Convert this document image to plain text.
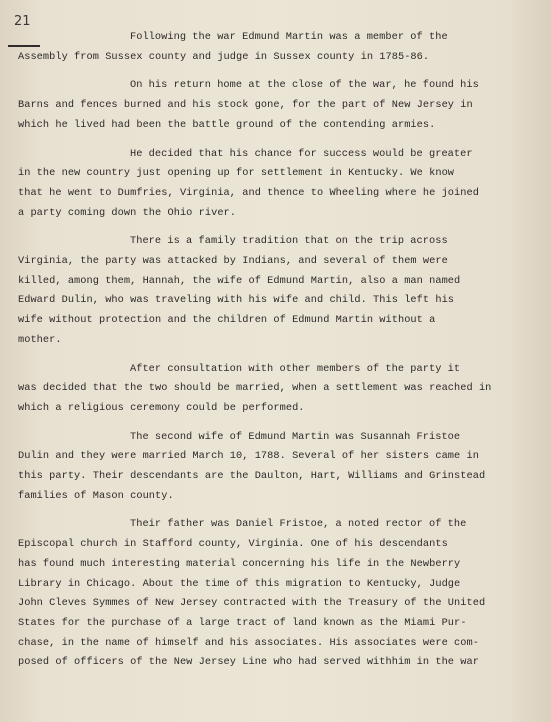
21
Following the war Edmund Martin was a member of the
Assembly from Sussex county and judge in Sussex county in 1785-86.
On his return home at the close of the war, he found his
Barns and fences burned and his stock gone, for the part of New Jersey in
which he lived had been the battle ground of the contending armies.
He decided that his chance for success would be greater
in the new country just opening up for settlement in Kentucky. We know
that he went to Dumfries, Virginia, and thence to Wheeling where he joined
a party coming down the Ohio river.
There is a family tradition that on the trip across
Virginia, the party was attacked by Indians, and several of them were
killed, among them, Hannah, the wife of Edmund Martin, also a man named
Edward Dulin, who was traveling with his wife and child. This left his
wife without protection and the children of Edmund Martin without a
mother.
After consultation with other members of the party it
was decided that the two should be married, when a settlement was reached in
which a religious ceremony could be performed.
The second wife of Edmund Martin was Susannah Fristoe
Dulin and they were married March 10, 1788. Several of her sisters came in
this party. Their descendants are the Daulton, Hart, Williams and Grinstead
families of Mason county.
Their father was Daniel Fristoe, a noted rector of the
Episcopal church in Stafford county, Virginia. One of his descendants
has found much interesting material concerning his life in the Newberry
Library in Chicago. About the time of this migration to Kentucky, Judge
John Cleves Symmes of New Jersey contracted with the Treasury of the United
States for the purchase of a large tract of land known as the Miami Pur-
chase, in the name of himself and his associates. His associates were com-
posed of officers of the New Jersey Line who had served withhim in the war
